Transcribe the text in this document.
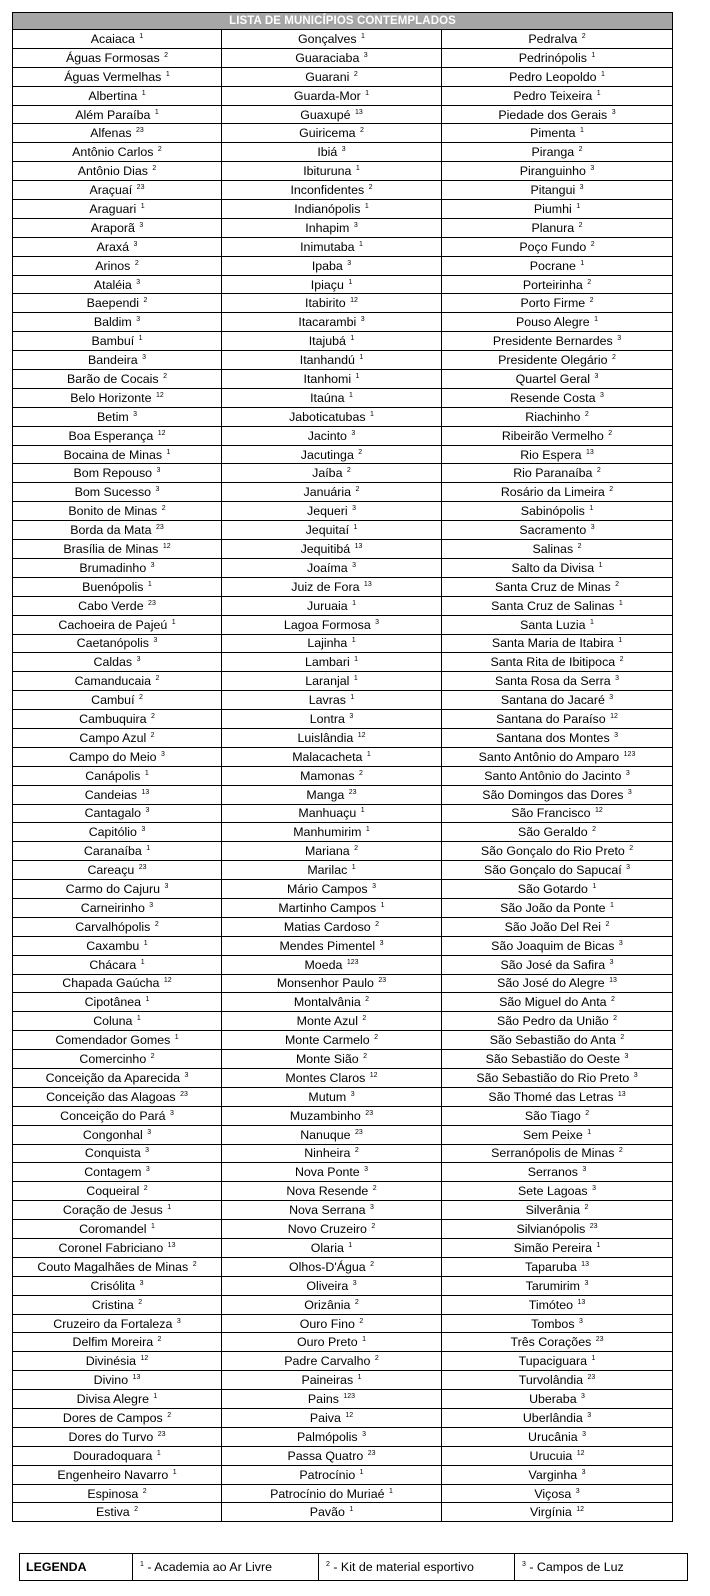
LISTA DE MUNICÍPIOS CONTEMPLADOS		
Acaiaca $^1$	Gonçalves $^1$	Pedralva $^2$
Águas Formosas $^2$	Guaraciaba $^3$	Pedrinópolis $^1$
Águas Vermelhas $^1$	Guarani $^2$	Pedro Leopoldo $^1$
Albertina $^1$	Guarda-Mor $^1$	Pedro Teixeira $^1$
Além Paraíba $^1$	Guaxupé $^{13}$	Piedade dos Gerais $^3$
Alfenas $^{23}$	Guiricema $^2$	Pimenta $^1$
Antônio Carlos $^2$	Ibiá $^3$	Piranga $^2$
Antônio Dias $^2$	Ibituruna $^1$	Piranguinho $^3$
Araçuaí $^{23}$	Inconfidentes $^2$	Pitangui $^3$
Araguari $^1$	Indianópolis $^1$	Piumhi $^1$
Araporã $^3$	Inhapim $^3$	Planura $^2$
Araxá $^3$	Inimutaba $^1$	Poço Fundo $^2$
Arinos $^2$	Ipaba $^3$	Pocrane $^1$
Ataléia $^3$	Ipiaçu $^1$	Porteirinha $^2$
Baependi $^2$	Itabirito $^{12}$	Porto Firme $^2$
Baldim $^3$	Itacarambi $^3$	Pouso Alegre $^1$
Bambuí $^1$	Itajubá $^1$	Presidente Bernardes $^3$
Bandeira $^3$	Itanhandú $^1$	Presidente Olegário $^2$
Barão de Cocais $^2$	Itanhomi $^1$	Quartel Geral $^3$
Belo Horizonte $^{12}$	Itaúna $^1$	Resende Costa $^3$
Betim $^3$	Jaboticatubas $^1$	Riachinho $^2$
Boa Esperança $^{12}$	Jacinto $^3$	Ribeirão Vermelho $^2$
Bocaina de Minas $^1$	Jacutinga $^2$	Rio Espera $^{13}$
Bom Repouso $^3$	Jaíba $^2$	Rio Paranaíba $^2$
Bom Sucesso $^3$	Januária $^2$	Rosário da Limeira $^2$
Bonito de Minas $^2$	Jequeri $^3$	Sabinópolis $^1$
Borda da Mata $^{23}$	Jequitaí $^1$	Sacramento $^3$
Brasília de Minas $^{12}$	Jequitibá $^{13}$	Salinas $^2$
Brumadinho $^3$	Joaíma $^3$	Salto da Divisa $^1$
Buenópolis $^1$	Juiz de Fora $^{13}$	Santa Cruz de Minas $^2$
Cabo Verde $^{23}$	Juruaia $^1$	Santa Cruz de Salinas $^1$
Cachoeira de Pajeú $^1$	Lagoa Formosa $^3$	Santa Luzia $^1$
Caetanópolis $^3$	Lajinha $^1$	Santa Maria de Itabira $^1$
Caldas $^3$	Lambari $^1$	Santa Rita de Ibitipoca $^2$
Camanducaia $^2$	Laranjal $^1$	Santa Rosa da Serra $^3$
Cambuí $^2$	Lavras $^1$	Santana do Jacaré $^3$
Cambuquira $^2$	Lontra $^3$	Santana do Paraíso $^{12}$
Campo Azul $^2$	Luislândia $^{12}$	Santana dos Montes $^3$
Campo do Meio $^3$	Malacacheta $^1$	Santo Antônio do Amparo $^{123}$
Canápolis $^1$	Mamonas $^2$	Santo Antônio do Jacinto $^3$
Candeias $^{13}$	Manga $^{23}$	São Domingos das Dores $^3$
Cantagalo $^3$	Manhuaçu $^1$	São Francisco $^{12}$
Capitólio $^3$	Manhumirim $^1$	São Geraldo $^2$
Caranaíba $^1$	Mariana $^2$	São Gonçalo do Rio Preto $^2$
Careaçu $^{23}$	Marilac $^1$	São Gonçalo do Sapucaí $^3$
Carmo do Cajuru $^3$	Mário Campos $^3$	São Gotardo $^1$
Carneirinho $^3$	Martinho Campos $^1$	São João da Ponte $^1$
Carvalhópolis $^2$	Matias Cardoso $^2$	São João Del Rei $^2$
Caxambu $^1$	Mendes Pimentel $^3$	São Joaquim de Bicas $^3$
Chácara $^1$	Moeda $^{123}$	São José da Safira $^3$
Chapada Gaúcha $^{12}$	Monsenhor Paulo $^{23}$	São José do Alegre $^{13}$
Cipotânea $^1$	Montalvânia $^2$	São Miguel do Anta $^2$
Coluna $^1$	Monte Azul $^2$	São Pedro da União $^2$
Comendador Gomes $^1$	Monte Carmelo $^2$	São Sebastião do Anta $^2$
Comercinho $^2$	Monte Sião $^2$	São Sebastião do Oeste $^3$
Conceição da Aparecida $^3$	Montes Claros $^{12}$	São Sebastião do Rio Preto $^3$
Conceição das Alagoas $^{23}$	Mutum $^3$	São Thomé das Letras $^{13}$
Conceição do Pará $^3$	Muzambinho $^{23}$	São Tiago $^2$
Congonhal $^3$	Nanuque $^{23}$	Sem Peixe $^1$
Conquista $^3$	Ninheira $^2$	Serranópolis de Minas $^2$
Contagem $^3$	Nova Ponte $^3$	Serranos $^3$
Coqueiral $^2$	Nova Resende $^2$	Sete Lagoas $^3$
Coração de Jesus $^1$	Nova Serrana $^3$	Silverânia $^2$
Coromandel $^1$	Novo Cruzeiro $^2$	Silvianópolis $^{23}$
Coronel Fabriciano $^{13}$	Olaria $^1$	Simão Pereira $^1$
Couto Magalhães de Minas $^2$	Olhos-D'Água $^2$	Taparuba $^{13}$
Crisólita $^3$	Oliveira $^3$	Tarumirim $^3$
Cristina $^2$	Orizânia $^2$	Timóteo $^{13}$
Cruzeiro da Fortaleza $^3$	Ouro Fino $^2$	Tombos $^3$
Delfim Moreira $^2$	Ouro Preto $^1$	Três Corações $^{23}$
Divinésia $^{12}$	Padre Carvalho $^2$	Tupaciguara $^1$
Divino $^{13}$	Paineiras $^1$	Turvolândia $^{23}$
Divisa Alegre $^1$	Pains $^{123}$	Uberaba $^3$
Dores de Campos $^2$	Paiva $^{12}$	Uberlândia $^3$
Dores do Turvo $^{23}$	Palmópolis $^3$	Urucânia $^3$
Douradoquara $^1$	Passa Quatro $^{23}$	Urucuia $^{12}$
Engenheiro Navarro $^1$	Patrocínio $^1$	Varginha $^3$
Espinosa $^2$	Patrocínio do Muriaé $^1$	Viçosa $^3$
Estiva $^2$	Pavão $^1$	Virgínia $^{12}$
LEGENDA	$^1$ - Academia ao Ar Livre	$^2$ - Kit de material esportivo	$^3$ - Campos de Luz
